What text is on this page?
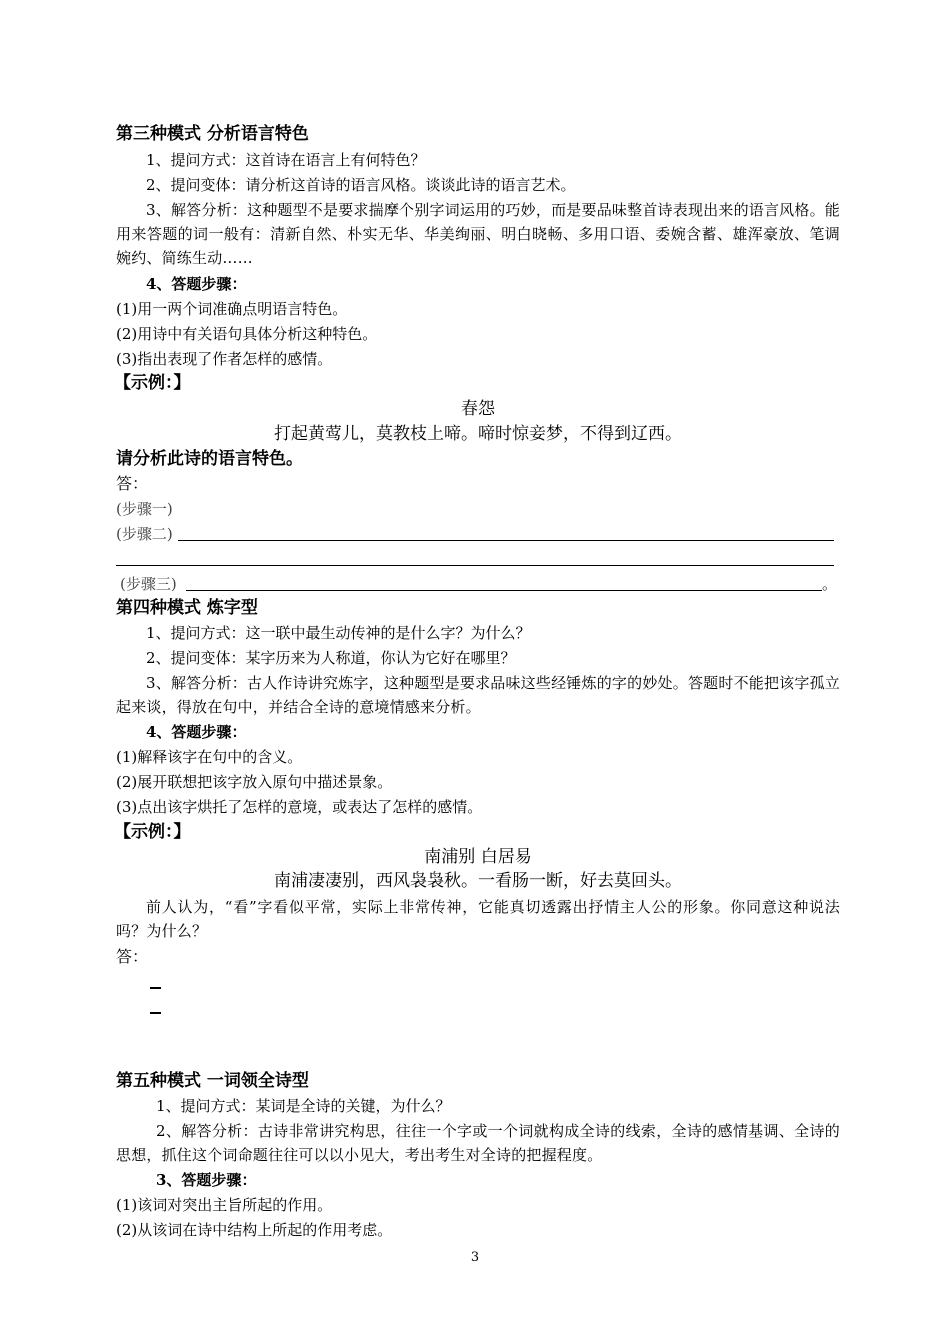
第三种模式 分析语言特色
1、提问方式：这首诗在语言上有何特色？
2、提问变体：请分析这首诗的语言风格。谈谈此诗的语言艺术。
3、解答分析：这种题型不是要求揣摩个别字词运用的巧妙，而是要品味整首诗表现出来的语言风格。能用来答题的词一般有：清新自然、朴实无华、华美绚丽、明白晓畅、多用口语、委婉含蓄、雄浑豪放、笔调婉约、简练生动……
4、答题步骤：
(1)用一两个词准确点明语言特色。
(2)用诗中有关语句具体分析这种特色。
(3)指出表现了作者怎样的感情。
【示例：】
春怨
打起黄莺儿，莫教枝上啼。啼时惊妾梦，不得到辽西。
请分析此诗的语言特色。
答：
(步骤一)
(步骤二)
(步骤三)	。
第四种模式 炼字型
1、提问方式：这一联中最生动传神的是什么字？为什么？
2、提问变体：某字历来为人称道，你认为它好在哪里？
3、解答分析：古人作诗讲究炼字，这种题型是要求品味这些经锤炼的字的妙处。答题时不能把该字孤立起来谈，得放在句中，并结合全诗的意境情感来分析。
4、答题步骤：
(1)解释该字在句中的含义。
(2)展开联想把该字放入原句中描述景象。
(3)点出该字烘托了怎样的意境，或表达了怎样的感情。
【示例：】
南浦别 白居易
南浦凄凄别，西风袅袅秋。一看肠一断，好去莫回头。
前人认为，“看”字看似平常，实际上非常传神，它能真切透露出抒情主人公的形象。你同意这种说法吗？为什么？
答：
第五种模式 一词领全诗型
1、提问方式：某词是全诗的关键，为什么？
2、解答分析：古诗非常讲究构思，往往一个字或一个词就构成全诗的线索，全诗的感情基调、全诗的思想，抓住这个词命题往往可以以小见大，考出考生对全诗的把握程度。
3、答题步骤：
(1)该词对突出主旨所起的作用。
(2)从该词在诗中结构上所起的作用考虑。
3
